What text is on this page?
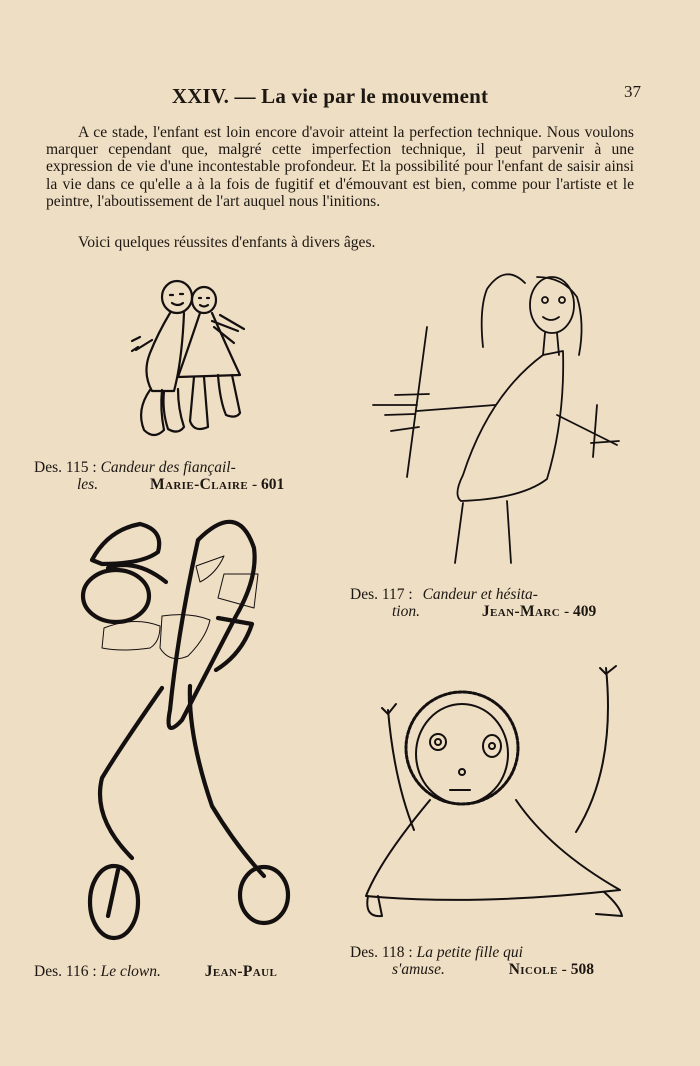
XXIV. — La vie par le mouvement	37

A ce stade, l'enfant est loin encore d'avoir atteint la perfection technique. Nous voulons marquer cependant que, malgré cette imperfection technique, il peut parvenir à une expression de vie d'une incontestable profondeur. Et la possibilité pour l'enfant de saisir ainsi la vie dans ce qu'elle a à la fois de fugitif et d'émouvant est bien, comme pour l'artiste et le peintre, l'aboutissement de l'art auquel nous l'initions.

Voici quelques réussites d'enfants à divers âges.
Des. 115 : Candeur des fiançail-
les.	Marie-Claire - 601
Des. 117 : Candeur et hésita-
tion.	Jean-Marc - 409
Des. 116 : Le clown.	Jean-Paul
Des. 118 : La petite fille qui
s'amuse.	Nicole - 508
